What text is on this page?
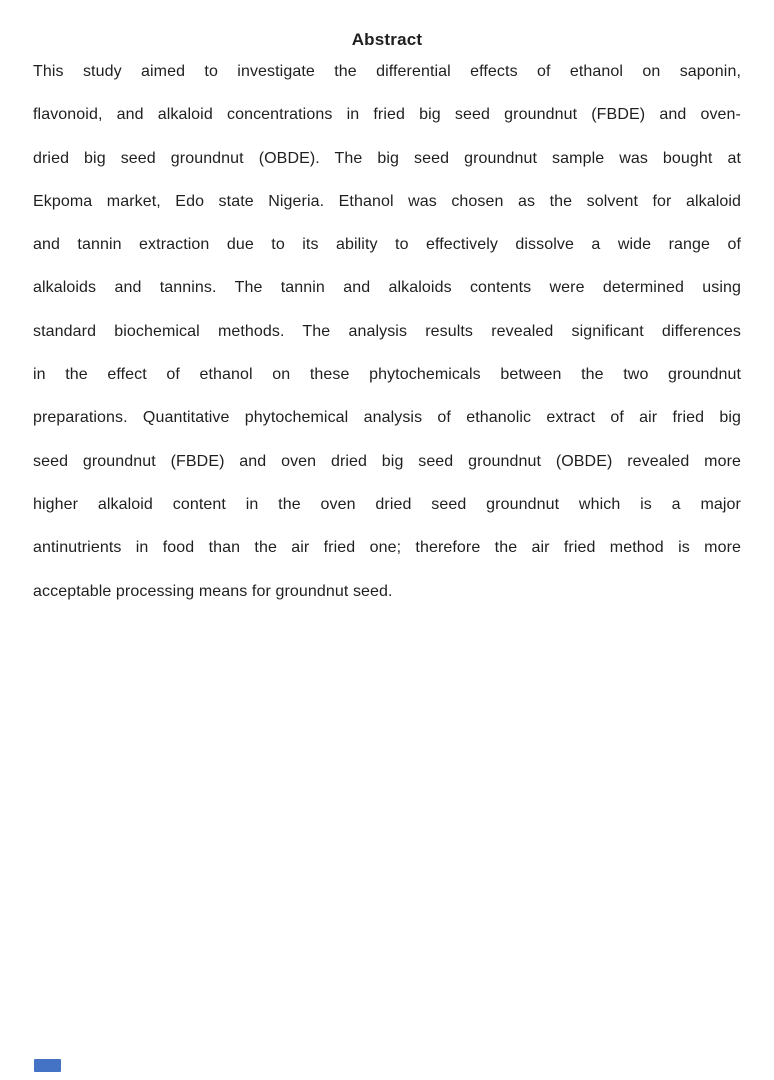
Abstract
This study aimed to investigate the differential effects of ethanol on saponin,
flavonoid, and alkaloid concentrations in fried big seed groundnut (FBDE) and oven-
dried big seed groundnut (OBDE). The big seed groundnut sample was bought at
Ekpoma market, Edo state Nigeria. Ethanol was chosen as the solvent for alkaloid
and tannin extraction due to its ability to effectively dissolve a wide range of
alkaloids and tannins. The tannin and alkaloids contents were determined using
standard biochemical methods. The analysis results revealed significant differences
in the effect of ethanol on these phytochemicals between the two groundnut
preparations. Quantitative phytochemical analysis of ethanolic extract of air fried big
seed groundnut (FBDE) and oven dried big seed groundnut (OBDE) revealed more
higher alkaloid content in the oven dried seed groundnut which is a major
antinutrients in food than the air fried one; therefore the air fried method is more
acceptable processing means for groundnut seed.
